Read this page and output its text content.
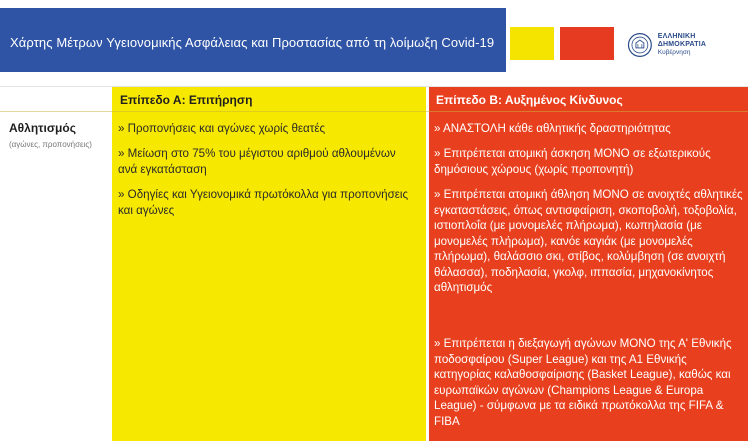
Χάρτης Μέτρων Υγειονομικής Ασφάλειας και Προστασίας από τη λοίμωξη Covid-19	ΕΛΛΗΝΙΚΗ ΔΗΜΟΚΡΑΤΙΑ
Κυβέρνηση
Επίπεδο Α: Επιτήρηση	Επίπεδο Β: Αυξημένος Κίνδυνος
Αθλητισμός
(αγώνες, προπονήσεις)
» Προπονήσεις και αγώνες χωρίς θεατές
» Μείωση στο 75% του μέγιστου αριθμού αθλουμένων ανά εγκατάσταση
» Οδηγίες και Υγειονομικά πρωτόκολλα για προπονήσεις και αγώνες
» ΑΝΑΣΤΟΛΗ κάθε αθλητικής δραστηριότητας
» Επιτρέπεται ατομική άσκηση ΜΟΝΟ σε εξωτερικούς δημόσιους χώρους (χωρίς προπονητή)
» Επιτρέπεται ατομική άθληση ΜΟΝΟ σε ανοιχτές αθλητικές εγκαταστάσεις, όπως αντισφαίριση, σκοποβολή, τοξοβολία, ιστιοπλοΐα (με μονομελές πλήρωμα), κωπηλασία (με μονομελές πλήρωμα), κανόε καγιάκ (με μονομελές πλήρωμα), θαλάσσιο σκι, στίβος, κολύμβηση (σε ανοιχτή θάλασσα), ποδηλασία, γκολφ, ιππασία, μηχανοκίνητος αθλητισμός
» Επιτρέπεται η διεξαγωγή αγώνων ΜΟΝΟ της Α' Εθνικής ποδοσφαίρου (Super League) και της Α1 Εθνικής κατηγορίας καλαθοσφαίρισης (Basket League), καθώς και ευρωπαϊκών αγώνων (Champions League & Europa League) - σύμφωνα με τα ειδικά πρωτόκολλα της FIFA & FIBA
